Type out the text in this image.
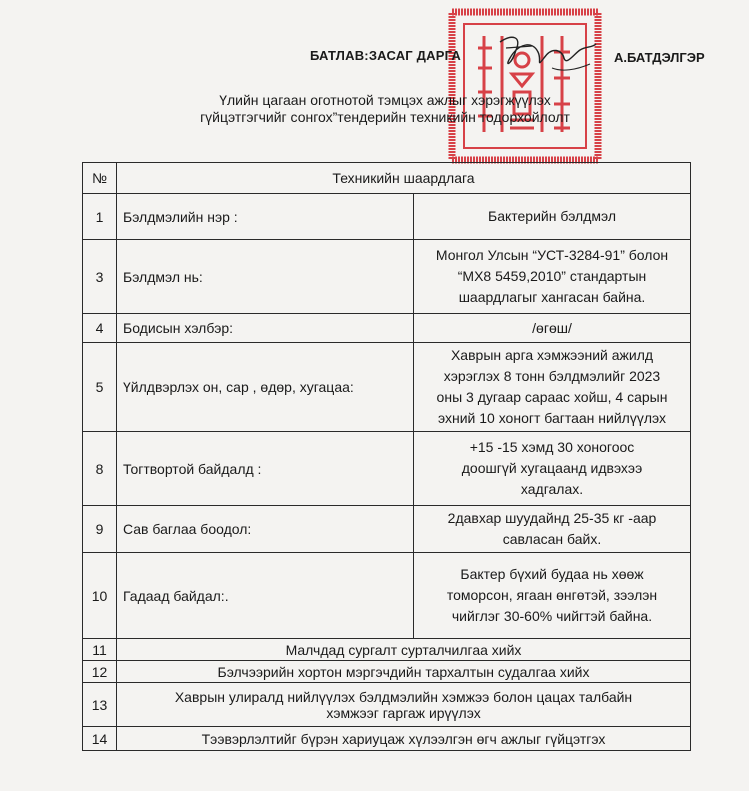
БАТЛАВ:ЗАСАГ ДАРГА	А.БАТДЭЛГЭР
Үлийн цагаан оготнотой тэмцэх ажлыг хэрэгжүүлэх
гүйцэтгэгчийг сонгох”тендерийн техникийн тодорхойлолт
№	Техникийн шаардлага	
1	Бэлдмэлийн нэр :	Бактерийн бэлдмэл
3	Бэлдмэл нь:	Монгол Улсын “УСТ-3284-91” болон
“МХ8 5459,2010” стандартын
шаардлагыг хангасан байна.

4	Бодисын хэлбэр:	/өгөш/
5	Үйлдвэрлэх он, сар , өдөр, хугацаа:	Хаврын арга хэмжээний ажилд
хэрэглэх 8 тонн бэлдмэлийг 2023
оны 3 дугаар сараас хойш, 4 сарын
эхний 10 хоногт багтаан нийлүүлэх

8	Тогтвортой байдалд :	+15 -15 хэмд 30 хоногоос
доошгүй хугацаанд идвэхээ
хадгалах.

9	Сав баглаа боодол:	2давхар шуудайнд 25-35 кг -аар
савласан байх.

10	Гадаад байдал:.	Бактер бүхий будаа нь хөөж
томорсон, ягаан өнгөтэй, зээлэн
чийглэг 30-60% чийгтэй байна.

11	Малчдад сургалт сурталчилгаа хийх	
12	Бэлчээрийн хортон мэргэчдийн тархалтын судалгаа хийх	
13	Хаврын улиралд нийлүүлэх бэлдмэлийн хэмжээ болон цацах талбайн
хэмжээг гаргаж ирүүлэх	

14	Тээвэрлэлтийг бүрэн хариуцаж хүлээлгэн өгч ажлыг гүйцэтгэх	
